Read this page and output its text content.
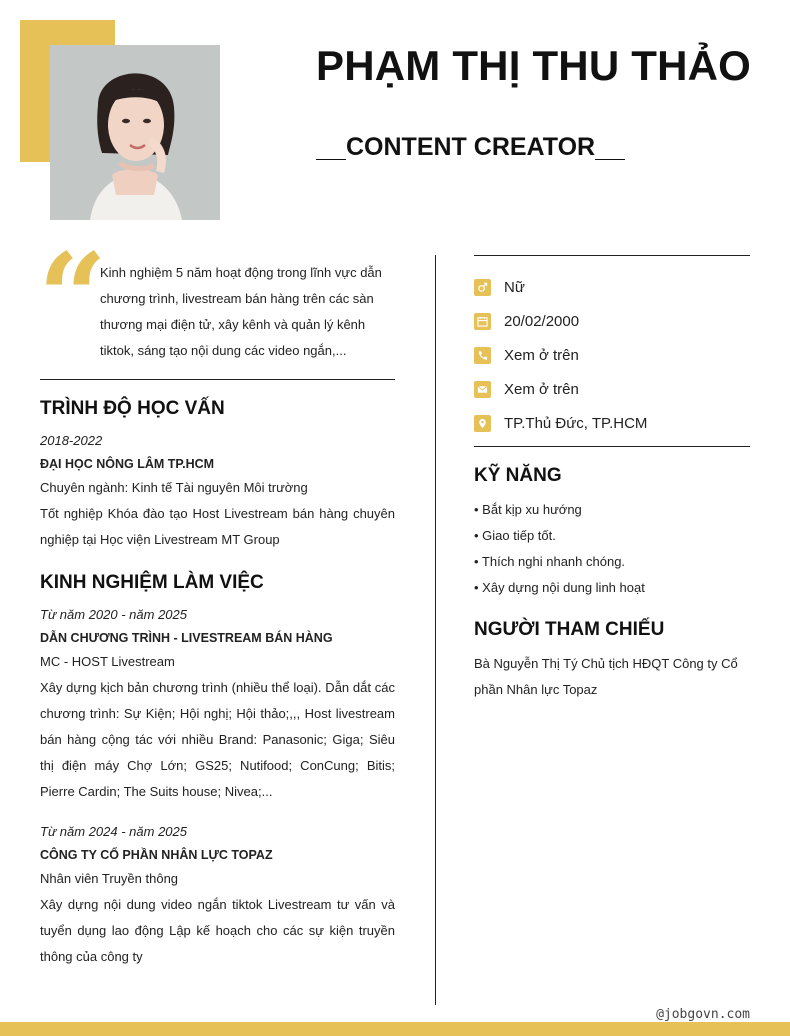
PHẠM THỊ THU THẢO
CONTENT CREATOR
“
Kinh nghiệm 5 năm hoạt động trong lĩnh vực dẫn chương trình, livestream bán hàng trên các sàn thương mại điện tử, xây kênh và quản lý kênh tiktok, sáng tạo nội dung các video ngắn,...
TRÌNH ĐỘ HỌC VẤN
2018-2022
ĐẠI HỌC NÔNG LÂM TP.HCM
Chuyên ngành: Kinh tế Tài nguyên Môi trường
Tốt nghiệp Khóa đào tạo Host Livestream bán hàng chuyên nghiệp tại Học viện Livestream MT Group
KINH NGHIỆM LÀM VIỆC
Từ năm 2020 - năm 2025
DẪN CHƯƠNG TRÌNH - LIVESTREAM BÁN HÀNG
MC - HOST Livestream
Xây dựng kịch bản chương trình (nhiều thể loại). Dẫn dắt các chương trình: Sự Kiện; Hội nghị; Hội thảo;,,, Host livestream bán hàng cộng tác với nhiều Brand: Panasonic; Giga; Siêu thị điện máy Chợ Lớn; GS25; Nutifood; ConCung; Bitis; Pierre Cardin; The Suits house; Nivea;...
Từ năm 2024 - năm 2025
CÔNG TY CỔ PHẦN NHÂN LỰC TOPAZ
Nhân viên Truyền thông
Xây dựng nội dung video ngắn tiktok Livestream tư vấn và tuyển dụng lao động Lập kế hoạch cho các sự kiện truyền thông của công ty
Nữ
20/02/2000
Xem ở trên
Xem ở trên
TP.Thủ Đức, TP.HCM
KỸ NĂNG
• Bắt kịp xu hướng
• Giao tiếp tốt.
• Thích nghi nhanh chóng.
• Xây dựng nội dung linh hoạt
NGƯỜI THAM CHIẾU
Bà Nguyễn Thị Tý Chủ tịch HĐQT Công ty Cổ phần Nhân lực Topaz
@jobgovn.com
